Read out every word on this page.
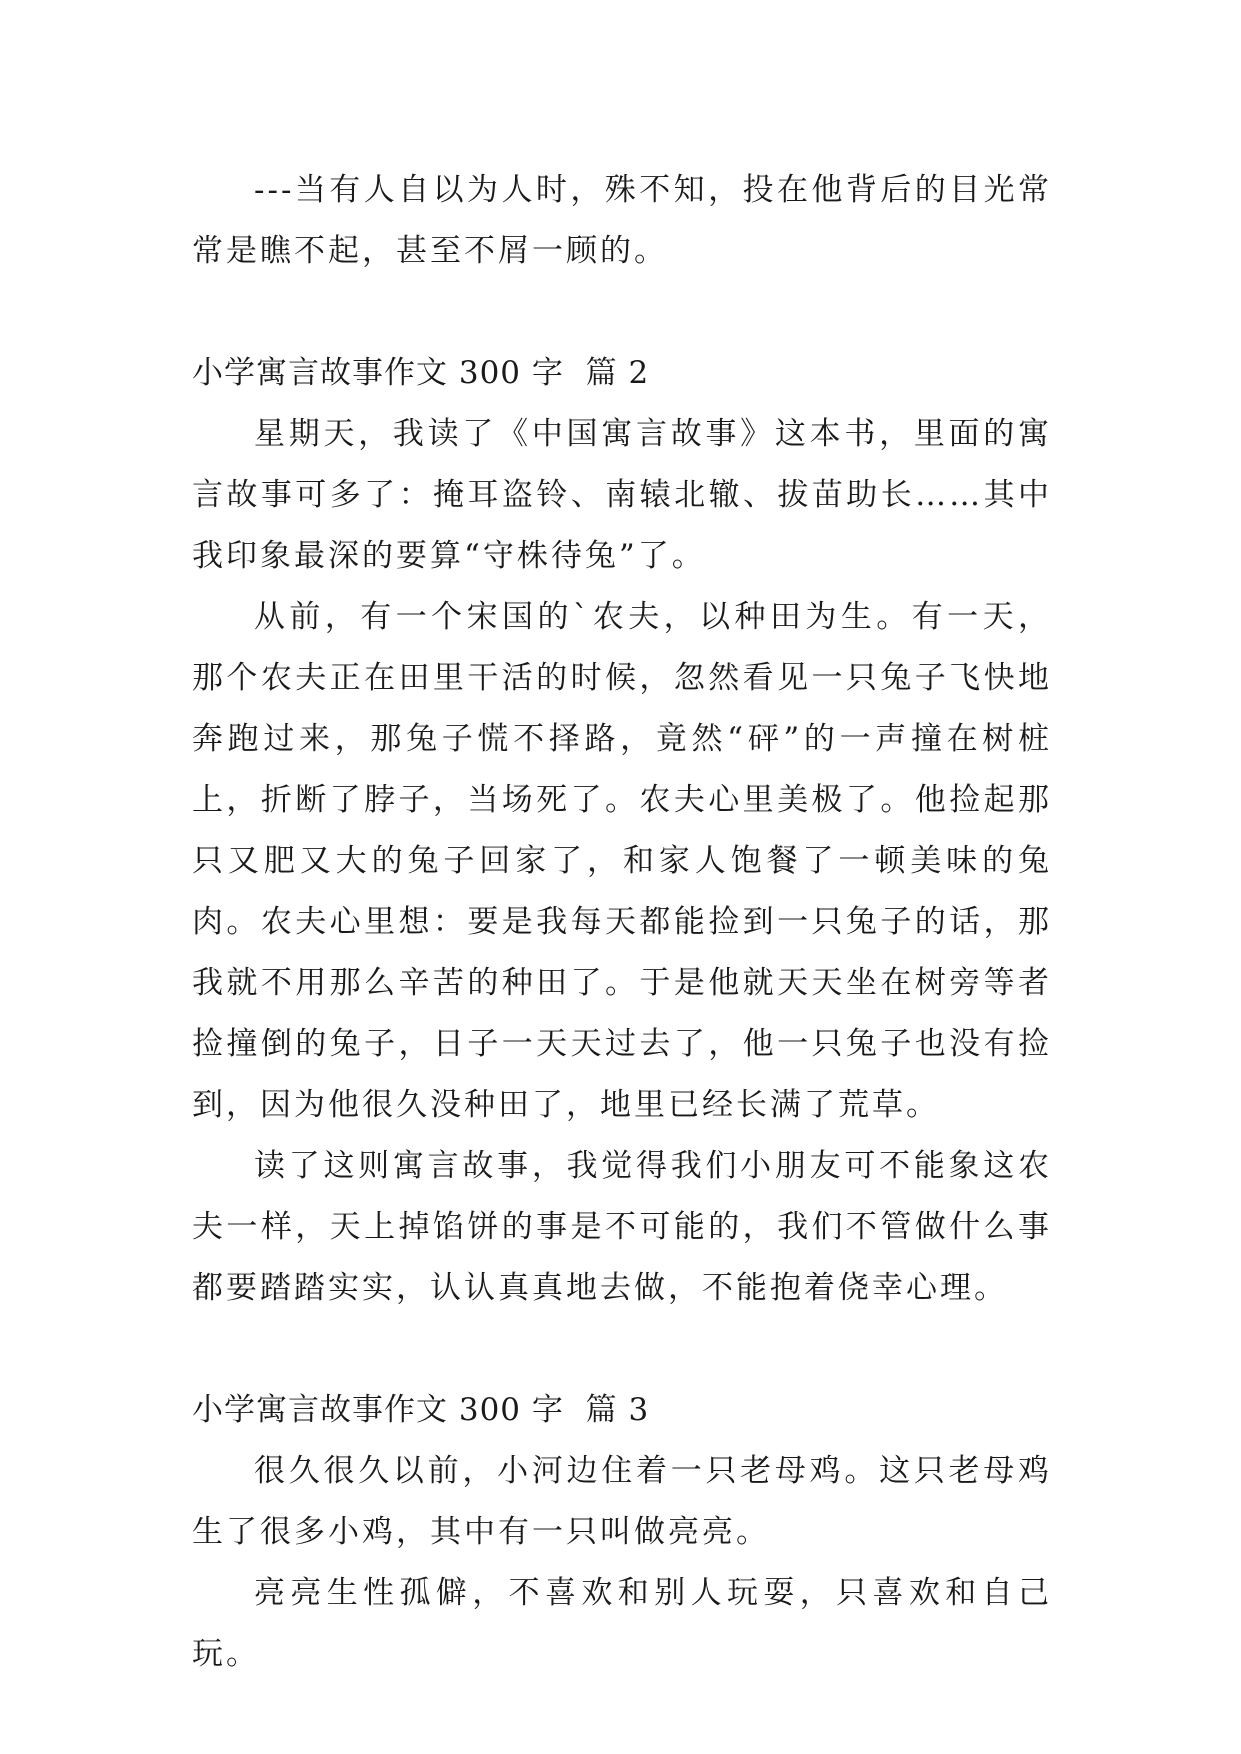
---当有人自以为人时，殊不知，投在他背后的目光常常是瞧不起，甚至不屑一顾的。

小学寓言故事作文 300 字  篇 2

星期天，我读了《中国寓言故事》这本书，里面的寓言故事可多了：掩耳盗铃、南辕北辙、拔苗助长……其中我印象最深的要算“守株待兔”了。

从前，有一个宋国的`农夫，以种田为生。有一天，那个农夫正在田里干活的时候，忽然看见一只兔子飞快地奔跑过来，那兔子慌不择路，竟然“砰”的一声撞在树桩上，折断了脖子，当场死了。农夫心里美极了。他捡起那只又肥又大的兔子回家了，和家人饱餐了一顿美味的兔肉。农夫心里想：要是我每天都能捡到一只兔子的话，那我就不用那么辛苦的种田了。于是他就天天坐在树旁等者捡撞倒的兔子，日子一天天过去了，他一只兔子也没有捡到，因为他很久没种田了，地里已经长满了荒草。

读了这则寓言故事，我觉得我们小朋友可不能象这农夫一样，天上掉馅饼的事是不可能的，我们不管做什么事都要踏踏实实，认认真真地去做，不能抱着侥幸心理。

小学寓言故事作文 300 字  篇 3

很久很久以前，小河边住着一只老母鸡。这只老母鸡生了很多小鸡，其中有一只叫做亮亮。

亮亮生性孤僻，不喜欢和别人玩耍，只喜欢和自己玩。
